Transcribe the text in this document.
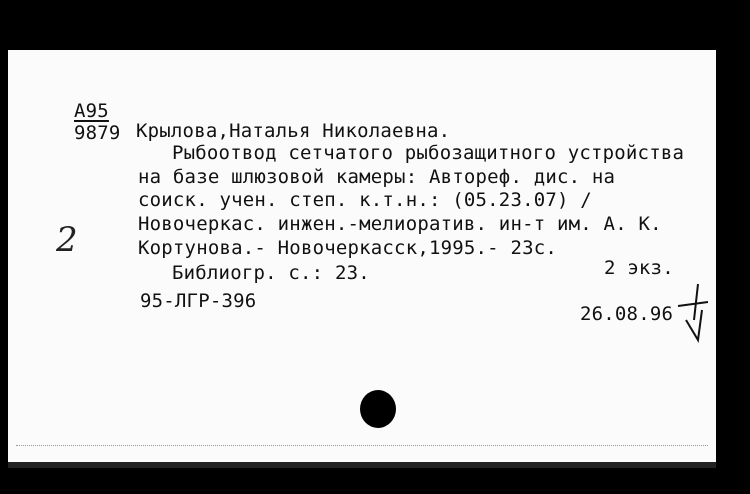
A95
9879 Крылова,Наталья Николаевна.
Рыбоотвод сетчатого рыбозащитного устройства
на базе шлюзовой камеры: Автореф. дис. на
соиск. учен. степ. к.т.н.: (05.23.07) /
Новочеркас. инжен.-мелиоратив. ин-т им. А. К.
Кортунова.- Новочеркасск,1995.- 23с.
Библиогр. с.: 23.	2 экз.
95-ЛГР-396
26.08.96
2
